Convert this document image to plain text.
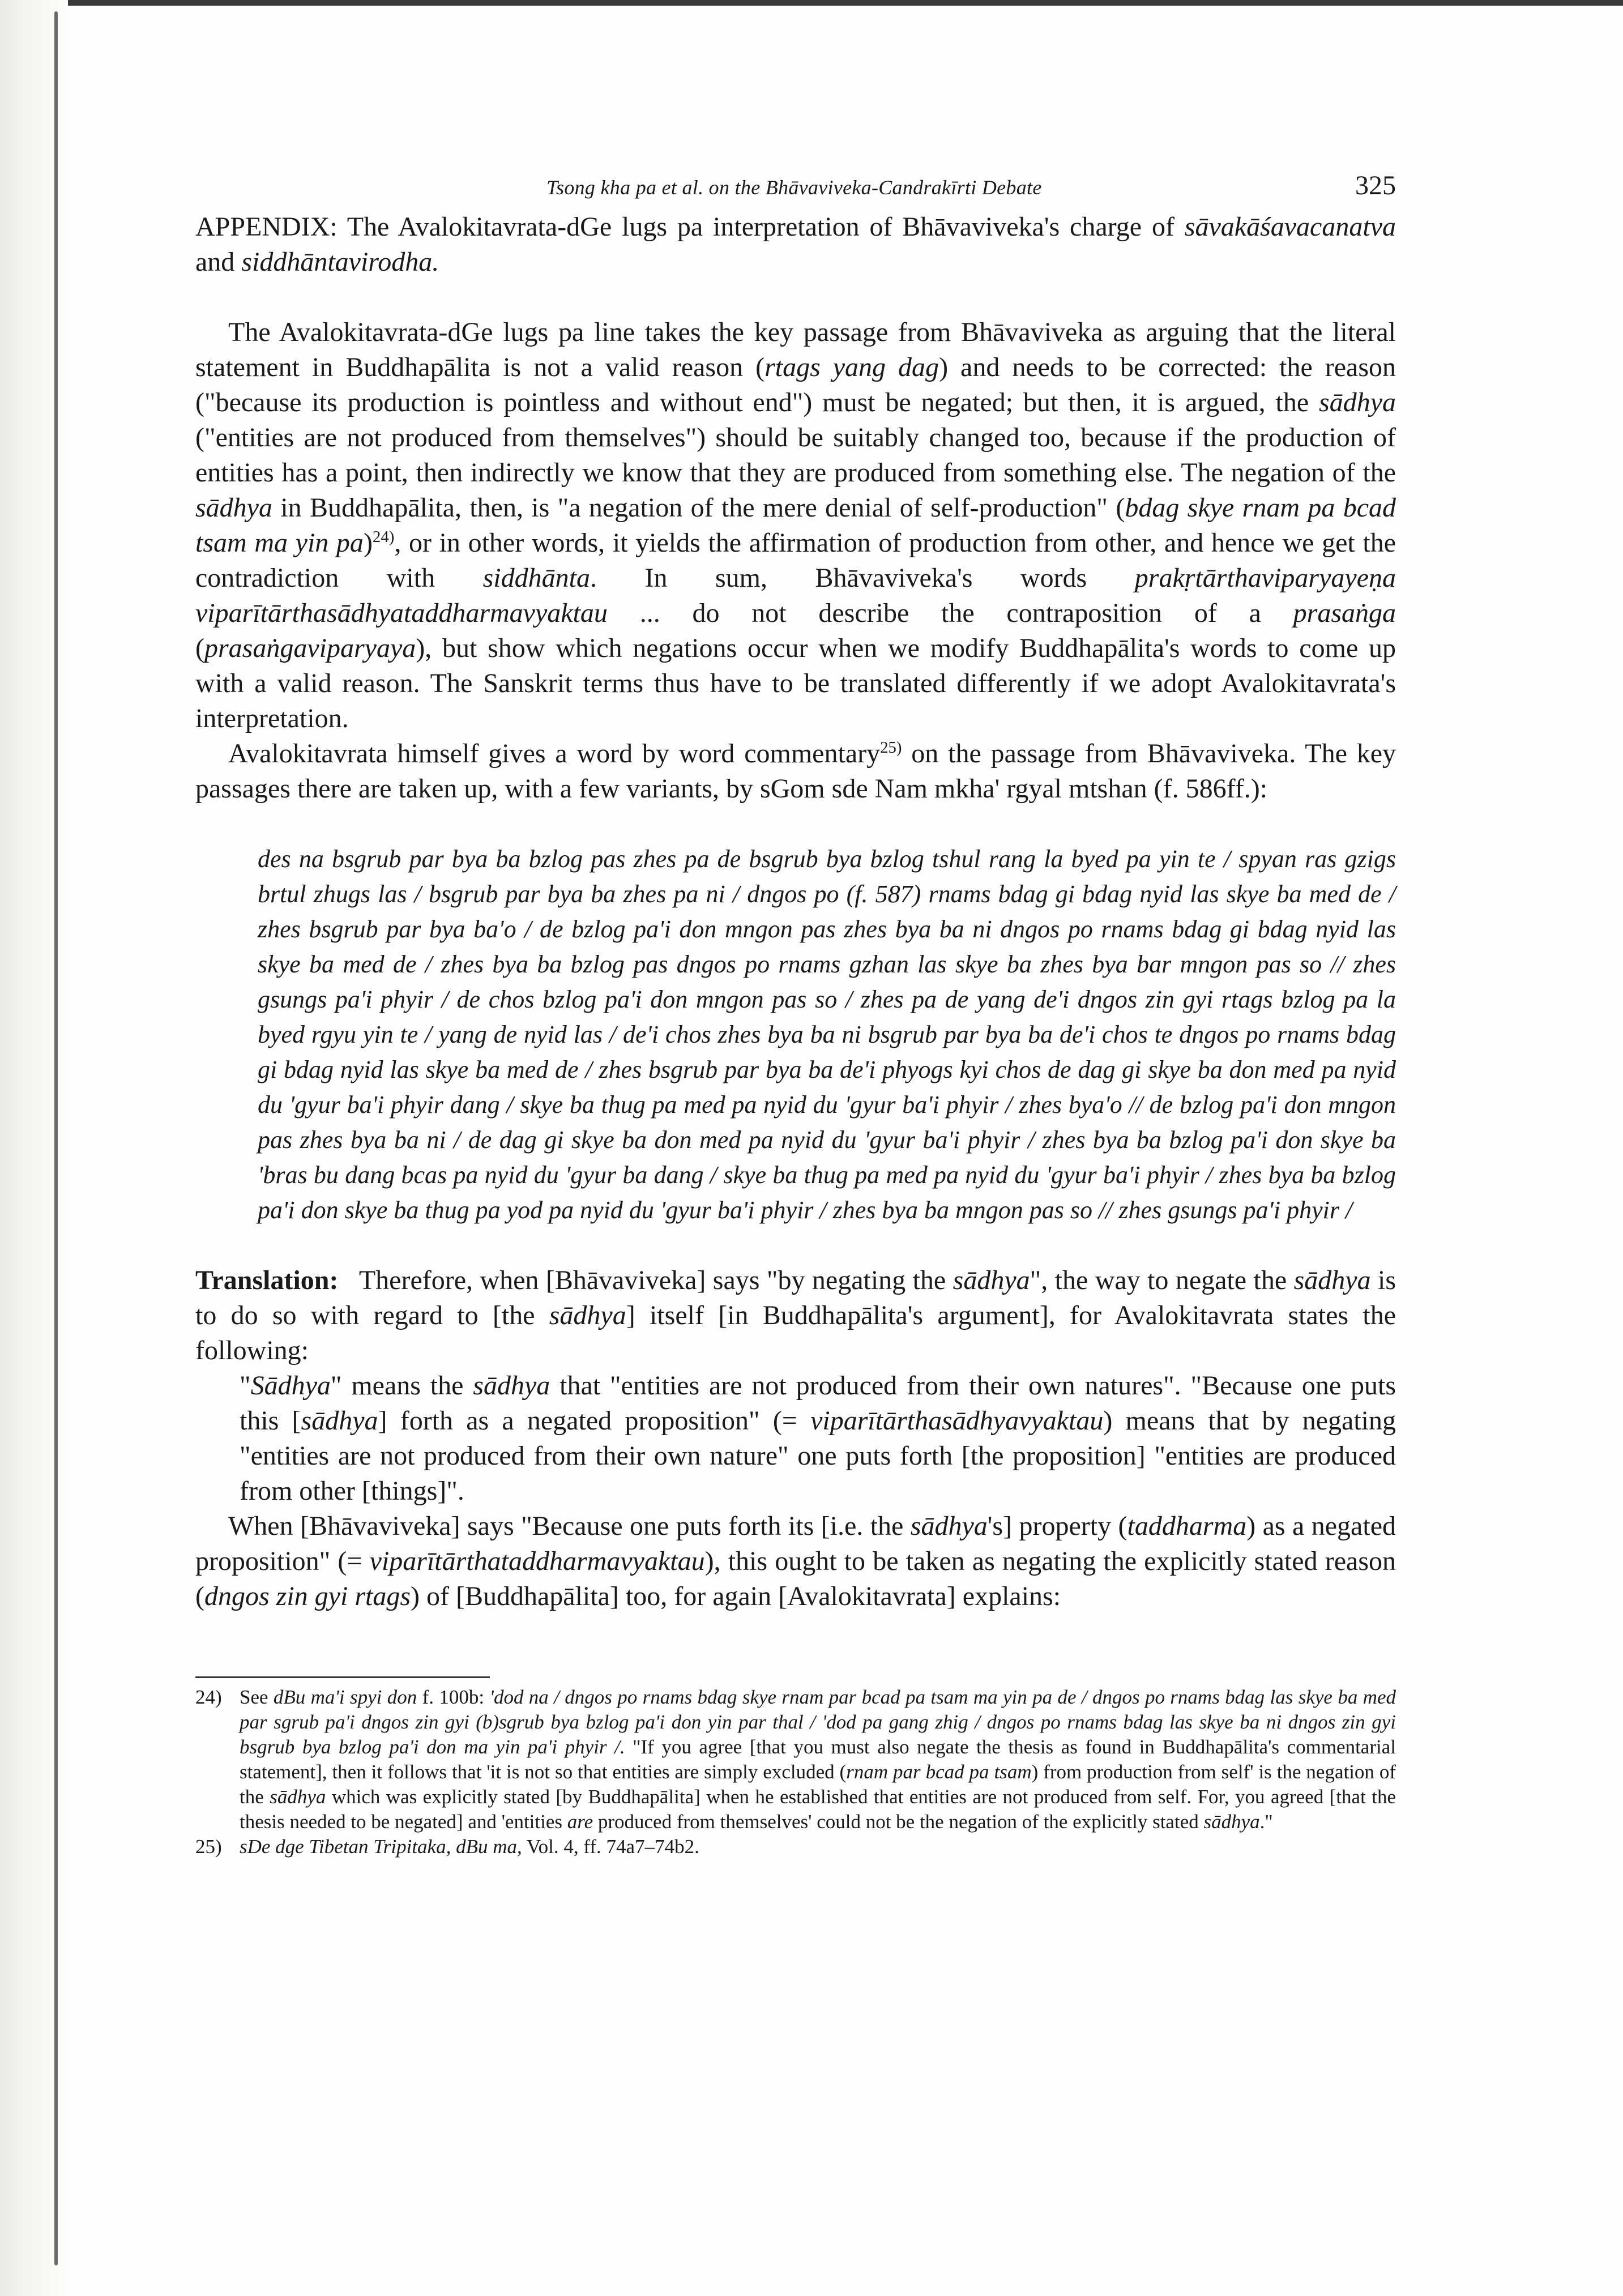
Tsong kha pa et al. on the Bhāvaviveka-Candrakīrti Debate	325

APPENDIX: The Avalokitavrata-dGe lugs pa interpretation of Bhāvaviveka's charge of sāvakāśavacanatva and siddhāntavirodha.

The Avalokitavrata-dGe lugs pa line takes the key passage from Bhāvaviveka as arguing that the literal statement in Buddhapālita is not a valid reason (rtags yang dag) and needs to be corrected: the reason ("because its production is pointless and without end") must be negated; but then, it is argued, the sādhya ("entities are not produced from themselves") should be suitably changed too, because if the production of entities has a point, then indirectly we know that they are produced from something else. The negation of the sādhya in Buddhapālita, then, is "a negation of the mere denial of self-production" (bdag skye rnam pa bcad tsam ma yin pa)$^{24)}$, or in other words, it yields the affirmation of production from other, and hence we get the contradiction with siddhānta. In sum, Bhāvaviveka's words prakṛtārthaviparyayeṇa viparītārthasādhyataddharmavyaktau ... do not describe the contraposition of a prasaṅga (prasaṅgaviparyaya), but show which negations occur when we modify Buddhapālita's words to come up with a valid reason. The Sanskrit terms thus have to be translated differently if we adopt Avalokitavrata's interpretation.

Avalokitavrata himself gives a word by word commentary$^{25)}$ on the passage from Bhāvaviveka. The key passages there are taken up, with a few variants, by sGom sde Nam mkha' rgyal mtshan (f. 586ff.):

des na bsgrub par bya ba bzlog pas zhes pa de bsgrub bya bzlog tshul rang la byed pa yin te / spyan ras gzigs brtul zhugs las / bsgrub par bya ba zhes pa ni / dngos po (f. 587) rnams bdag gi bdag nyid las skye ba med de / zhes bsgrub par bya ba'o / de bzlog pa'i don mngon pas zhes bya ba ni dngos po rnams bdag gi bdag nyid las skye ba med de / zhes bya ba bzlog pas dngos po rnams gzhan las skye ba zhes bya bar mngon pas so // zhes gsungs pa'i phyir / de chos bzlog pa'i don mngon pas so / zhes pa de yang de'i dngos zin gyi rtags bzlog pa la byed rgyu yin te / yang de nyid las / de'i chos zhes bya ba ni bsgrub par bya ba de'i chos te dngos po rnams bdag gi bdag nyid las skye ba med de / zhes bsgrub par bya ba de'i phyogs kyi chos de dag gi skye ba don med pa nyid du 'gyur ba'i phyir dang / skye ba thug pa med pa nyid du 'gyur ba'i phyir / zhes bya'o // de bzlog pa'i don mngon pas zhes bya ba ni / de dag gi skye ba don med pa nyid du 'gyur ba'i phyir / zhes bya ba bzlog pa'i don skye ba 'bras bu dang bcas pa nyid du 'gyur ba dang / skye ba thug pa med pa nyid du 'gyur ba'i phyir / zhes bya ba bzlog pa'i don skye ba thug pa yod pa nyid du 'gyur ba'i phyir / zhes bya ba mngon pas so // zhes gsungs pa'i phyir /

Translation: Therefore, when [Bhāvaviveka] says "by negating the sādhya", the way to negate the sādhya is to do so with regard to [the sādhya] itself [in Buddhapālita's argument], for Avalokitavrata states the following:

"Sādhya" means the sādhya that "entities are not produced from their own natures". "Because one puts this [sādhya] forth as a negated proposition" (= viparītārthasādhyavyaktau) means that by negating "entities are not produced from their own nature" one puts forth [the proposition] "entities are produced from other [things]".

When [Bhāvaviveka] says "Because one puts forth its [i.e. the sādhya's] property (taddharma) as a negated proposition" (= viparītārthataddharmavyaktau), this ought to be taken as negating the explicitly stated reason (dngos zin gyi rtags) of [Buddhapālita] too, for again [Avalokitavrata] explains:

24) See dBu ma'i spyi don f. 100b: 'dod na / dngos po rnams bdag skye rnam par bcad pa tsam ma yin pa de / dngos po rnams bdag las skye ba med par sgrub pa'i dngos zin gyi (b)sgrub bya bzlog pa'i don yin par thal / 'dod pa gang zhig / dngos po rnams bdag las skye ba ni dngos zin gyi bsgrub bya bzlog pa'i don ma yin pa'i phyir /. "If you agree [that you must also negate the thesis as found in Buddhapālita's commentarial statement], then it follows that 'it is not so that entities are simply excluded (rnam par bcad pa tsam) from production from self' is the negation of the sādhya which was explicitly stated [by Buddhapālita] when he established that entities are not produced from self. For, you agreed [that the thesis needed to be negated] and 'entities are produced from themselves' could not be the negation of the explicitly stated sādhya."
25) sDe dge Tibetan Tripitaka, dBu ma, Vol. 4, ff. 74a7–74b2.
